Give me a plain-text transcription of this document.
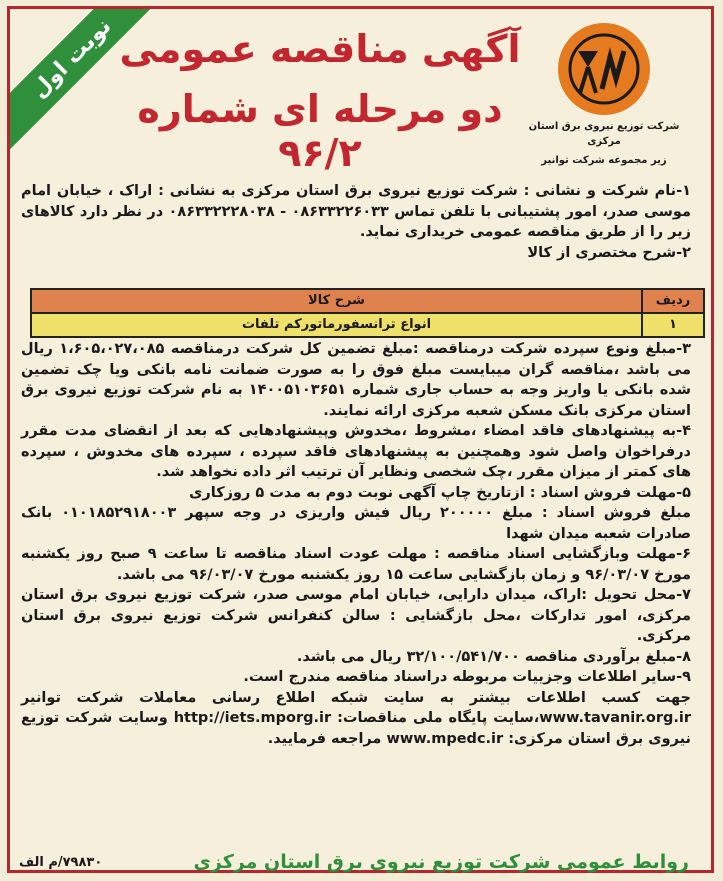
نوبت اول
شرکت توزیع نیروی برق استان مرکزی
زیر مجموعه شرکت توانیر
آگهی مناقصه عمومی
دو مرحله ای شماره ۹۶/۲
۱-نام شرکت و نشانی : شرکت توزیع نیروی برق استان مرکزی به نشانی : اراک ، خیابان امام موسی صدر، امور پشتیبانی با تلفن تماس ۰۸۶۳۳۲۲۶۰۳۳ - ۰۸۶۳۳۲۲۲۸۰۳۸ در نظر دارد کالاهای زیر را از طریق مناقصه عمومی خریداری نماید.
۲-شرح مختصری از کالا
ردیف
شرح کالا
۱
انواع ترانسفورماتورکم تلفات
۳-مبلغ ونوع سپرده شرکت درمناقصه :مبلغ تضمین کل شرکت درمناقصه ۱،۶۰۵،۰۲۷،۰۸۵ ریال می باشد ،مناقصه گران میبایست مبلغ فوق را به صورت ضمانت نامه بانکی ویا چک تضمین شده بانکی یا واریز وجه به حساب جاری شماره ۱۴۰۰۵۱۰۳۶۵۱ به نام شرکت توزیع نیروی برق استان مرکزی بانک مسکن شعبه مرکزی ارائه نمایند.
۴-به پیشنهادهای فاقد امضاء ،مشروط ،مخدوش وپیشنهادهایی که بعد از انقضای مدت مقرر درفراخوان واصل شود وهمچنین به پیشنهادهای فاقد سپرده ، سپرده های مخدوش ، سپرده های کمتر از میزان مقرر ،چک شخصی ونظایر آن ترتیب اثر داده نخواهد شد.
۵-مهلت فروش اسناد : ازتاریخ چاپ آگهی نوبت دوم به مدت ۵ روزکاری
مبلغ فروش اسناد : مبلغ ۲۰۰۰۰۰ ریال فیش واریزی در وجه سپهر ۰۱۰۱۸۵۲۹۱۸۰۰۳ بانک صادرات شعبه میدان شهدا
۶-مهلت وبازگشایی اسناد مناقصه : مهلت عودت اسناد مناقصه تا ساعت ۹ صبح روز یکشنبه مورخ ۹۶/۰۳/۰۷ و زمان بازگشایی ساعت ۱۵ روز یکشنبه مورخ ۹۶/۰۳/۰۷ می باشد.
۷-محل تحویل :اراک، میدان دارایی، خیابان امام موسی صدر، شرکت توزیع نیروی برق استان مرکزی، امور تدارکات ،محل بازگشایی : سالن کنفرانس شرکت توزیع نیروی برق استان مرکزی.
۸-مبلغ برآوردی مناقصه ۳۲/۱۰۰/۵۴۱/۷۰۰ ریال می باشد.
۹-سایر اطلاعات وجزییات مربوطه دراسناد مناقصه مندرج است.
جهت کسب اطلاعات بیشتر به سایت شبکه اطلاع رسانی معاملات شرکت توانیر www.tavanir.org.ir،سایت پایگاه ملی مناقصات: http://iets.mporg.ir وسایت شرکت توزیع نیروی برق استان مرکزی: www.mpedc.ir مراجعه فرمایید.
روابط عمومی شرکت توزیع نیروی برق استان مرکزی
۷۹۸۳۰/م الف
